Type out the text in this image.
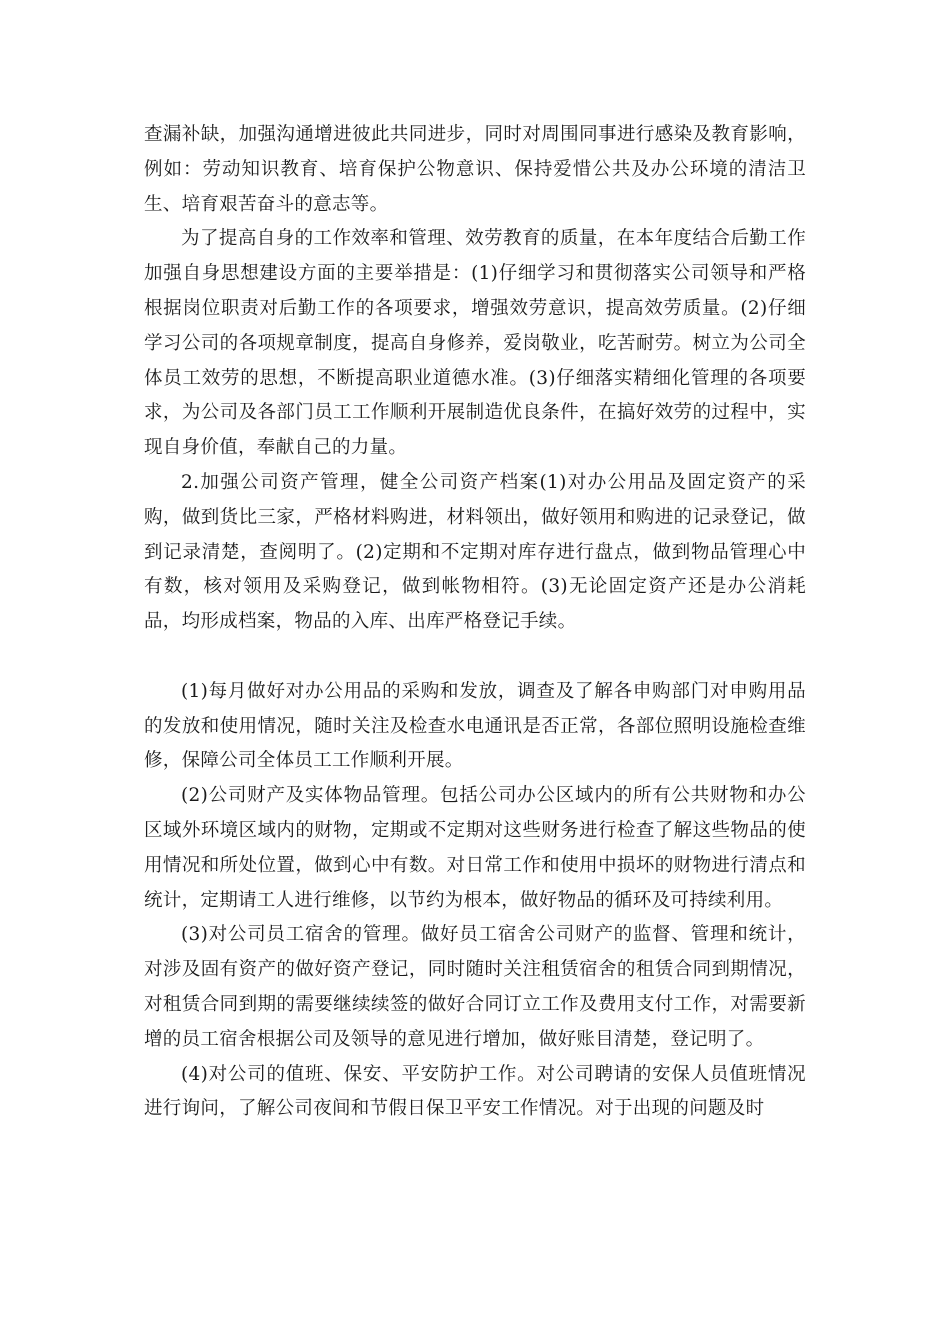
查漏补缺，加强沟通增进彼此共同进步，同时对周围同事进行感染及教育影响，例如：劳动知识教育、培育保护公物意识、保持爱惜公共及办公环境的清洁卫生、培育艰苦奋斗的意志等。

为了提高自身的工作效率和管理、效劳教育的质量，在本年度结合后勤工作加强自身思想建设方面的主要举措是：(1)仔细学习和贯彻落实公司领导和严格根据岗位职责对后勤工作的各项要求，增强效劳意识，提高效劳质量。(2)仔细学习公司的各项规章制度，提高自身修养，爱岗敬业，吃苦耐劳。树立为公司全体员工效劳的思想，不断提高职业道德水准。(3)仔细落实精细化管理的各项要求，为公司及各部门员工工作顺利开展制造优良条件，在搞好效劳的过程中，实现自身价值，奉献自己的力量。

2.加强公司资产管理，健全公司资产档案(1)对办公用品及固定资产的采购，做到货比三家，严格材料购进，材料领出，做好领用和购进的记录登记，做到记录清楚，查阅明了。(2)定期和不定期对库存进行盘点，做到物品管理心中有数，核对领用及采购登记，做到帐物相符。(3)无论固定资产还是办公消耗品，均形成档案，物品的入库、出库严格登记手续。

(1)每月做好对办公用品的采购和发放，调查及了解各申购部门对申购用品的发放和使用情况，随时关注及检查水电通讯是否正常，各部位照明设施检查维修，保障公司全体员工工作顺利开展。

(2)公司财产及实体物品管理。包括公司办公区域内的所有公共财物和办公区域外环境区域内的财物，定期或不定期对这些财务进行检查了解这些物品的使用情况和所处位置，做到心中有数。对日常工作和使用中损坏的财物进行清点和统计，定期请工人进行维修，以节约为根本，做好物品的循环及可持续利用。

(3)对公司员工宿舍的管理。做好员工宿舍公司财产的监督、管理和统计，对涉及固有资产的做好资产登记，同时随时关注租赁宿舍的租赁合同到期情况，对租赁合同到期的需要继续续签的做好合同订立工作及费用支付工作，对需要新增的员工宿舍根据公司及领导的意见进行增加，做好账目清楚，登记明了。

(4)对公司的值班、保安、平安防护工作。对公司聘请的安保人员值班情况进行询问，了解公司夜间和节假日保卫平安工作情况。对于出现的问题及时
